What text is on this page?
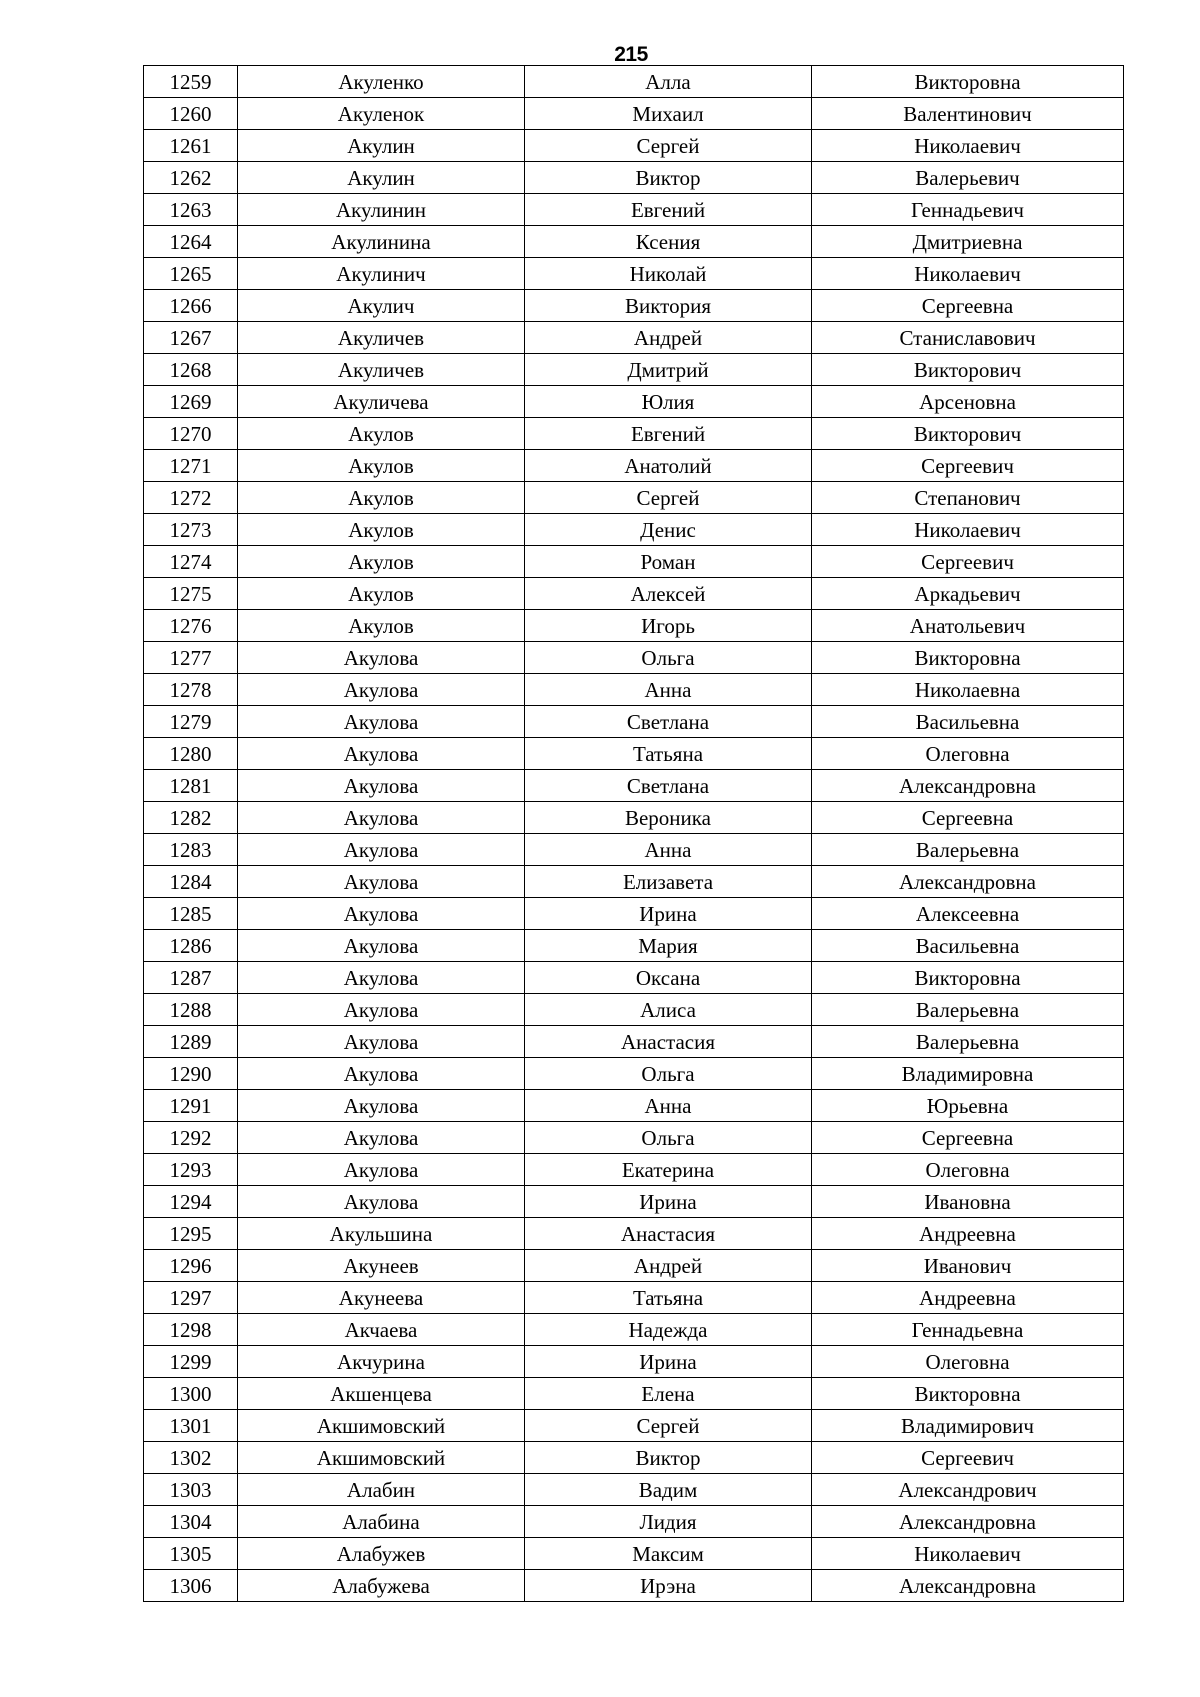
215
1259	Акуленко	Алла	Викторовна
1260	Акуленок	Михаил	Валентинович
1261	Акулин	Сергей	Николаевич
1262	Акулин	Виктор	Валерьевич
1263	Акулинин	Евгений	Геннадьевич
1264	Акулинина	Ксения	Дмитриевна
1265	Акулинич	Николай	Николаевич
1266	Акулич	Виктория	Сергеевна
1267	Акуличев	Андрей	Станиславович
1268	Акуличев	Дмитрий	Викторович
1269	Акуличева	Юлия	Арсеновна
1270	Акулов	Евгений	Викторович
1271	Акулов	Анатолий	Сергеевич
1272	Акулов	Сергей	Степанович
1273	Акулов	Денис	Николаевич
1274	Акулов	Роман	Сергеевич
1275	Акулов	Алексей	Аркадьевич
1276	Акулов	Игорь	Анатольевич
1277	Акулова	Ольга	Викторовна
1278	Акулова	Анна	Николаевна
1279	Акулова	Светлана	Васильевна
1280	Акулова	Татьяна	Олеговна
1281	Акулова	Светлана	Александровна
1282	Акулова	Вероника	Сергеевна
1283	Акулова	Анна	Валерьевна
1284	Акулова	Елизавета	Александровна
1285	Акулова	Ирина	Алексеевна
1286	Акулова	Мария	Васильевна
1287	Акулова	Оксана	Викторовна
1288	Акулова	Алиса	Валерьевна
1289	Акулова	Анастасия	Валерьевна
1290	Акулова	Ольга	Владимировна
1291	Акулова	Анна	Юрьевна
1292	Акулова	Ольга	Сергеевна
1293	Акулова	Екатерина	Олеговна
1294	Акулова	Ирина	Ивановна
1295	Акульшина	Анастасия	Андреевна
1296	Акунеев	Андрей	Иванович
1297	Акунеева	Татьяна	Андреевна
1298	Акчаева	Надежда	Геннадьевна
1299	Акчурина	Ирина	Олеговна
1300	Акшенцева	Елена	Викторовна
1301	Акшимовский	Сергей	Владимирович
1302	Акшимовский	Виктор	Сергеевич
1303	Алабин	Вадим	Александрович
1304	Алабина	Лидия	Александровна
1305	Алабужев	Максим	Николаевич
1306	Алабужева	Ирэна	Александровна
